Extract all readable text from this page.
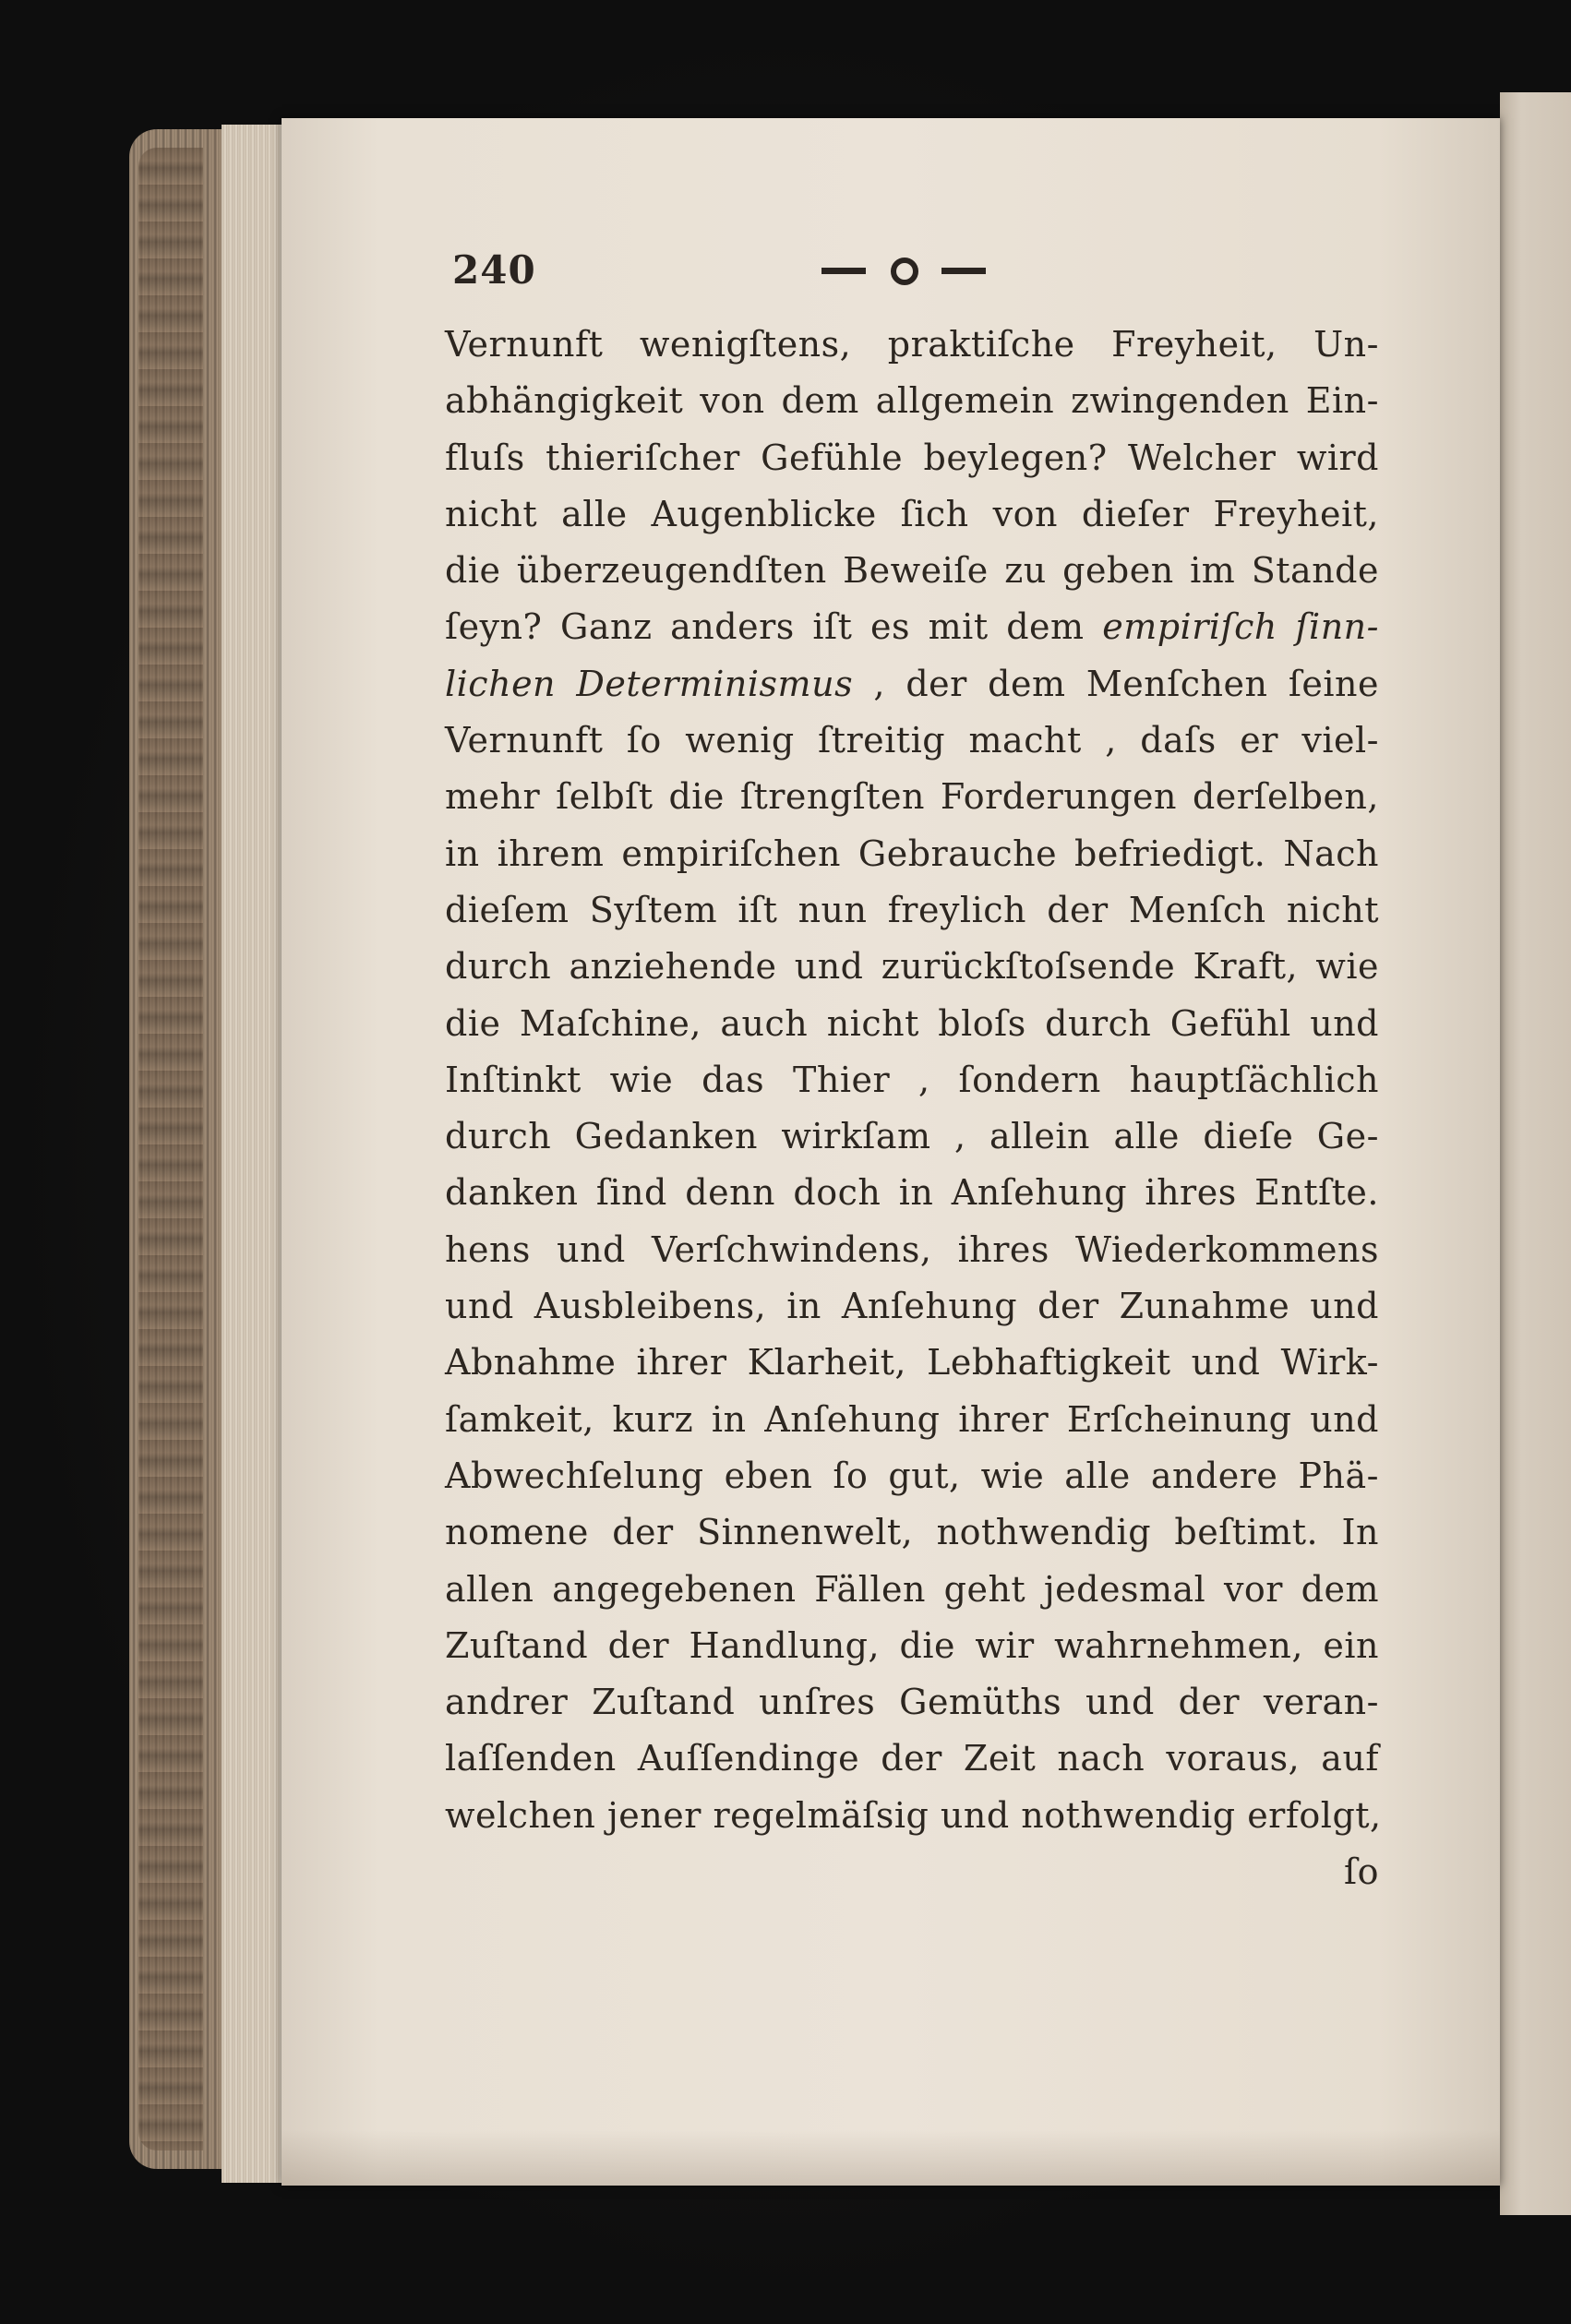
240
Vernunft wenigſtens, praktiſche Freyheit, Un-
abhängigkeit von dem allgemein zwingenden Ein-
fluſs thieriſcher Gefühle beylegen? Welcher wird
nicht alle Augenblicke ſich von dieſer Freyheit,
die überzeugendſten Beweiſe zu geben im Stande
ſeyn? Ganz anders iſt es mit dem empiriſch ſinn-
lichen Determinismus , der dem Menſchen ſeine
Vernunft ſo wenig ſtreitig macht , daſs er viel-
mehr ſelbſt die ſtrengſten Forderungen derſelben,
in ihrem empiriſchen Gebrauche befriedigt. Nach
dieſem Syſtem iſt nun freylich der Menſch nicht
durch anziehende und zurückſtoſsende Kraft, wie
die Maſchine, auch nicht bloſs durch Gefühl und
Inſtinkt wie das Thier , ſondern hauptſächlich
durch Gedanken wirkſam , allein alle dieſe Ge-
danken ſind denn doch in Anſehung ihres Entſte.
hens und Verſchwindens, ihres Wiederkommens
und Ausbleibens, in Anſehung der Zunahme und
Abnahme ihrer Klarheit, Lebhaftigkeit und Wirk-
ſamkeit, kurz in Anſehung ihrer Erſcheinung und
Abwechſelung eben ſo gut, wie alle andere Phä-
nomene der Sinnenwelt, nothwendig beſtimt. In
allen angegebenen Fällen geht jedesmal vor dem
Zuſtand der Handlung, die wir wahrnehmen, ein
andrer Zuſtand unſres Gemüths und der veran-
laſſenden Auſſendinge der Zeit nach voraus, auf
welchen jener regelmäſsig und nothwendig erfolgt,
ſo
